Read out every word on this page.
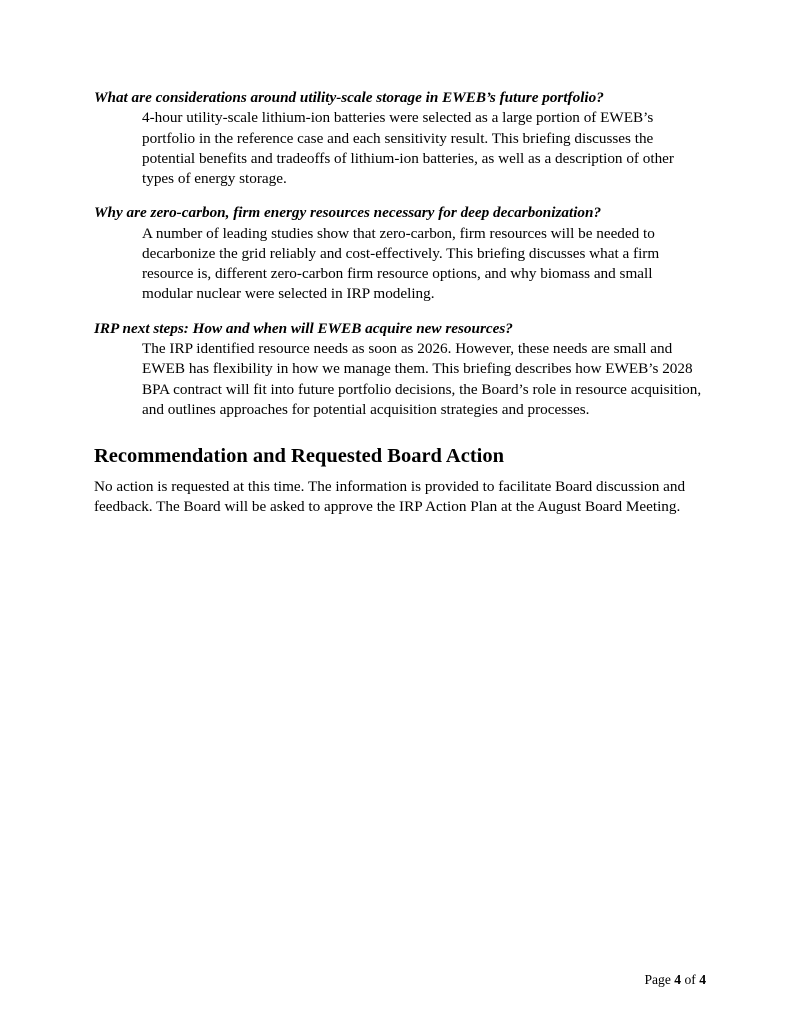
What are considerations around utility-scale storage in EWEB’s future portfolio?

4-hour utility-scale lithium-ion batteries were selected as a large portion of EWEB’s portfolio in the reference case and each sensitivity result. This briefing discusses the potential benefits and tradeoffs of lithium-ion batteries, as well as a description of other types of energy storage.

Why are zero-carbon, firm energy resources necessary for deep decarbonization?

A number of leading studies show that zero-carbon, firm resources will be needed to decarbonize the grid reliably and cost-effectively. This briefing discusses what a firm resource is, different zero-carbon firm resource options, and why biomass and small modular nuclear were selected in IRP modeling.

IRP next steps: How and when will EWEB acquire new resources?

The IRP identified resource needs as soon as 2026. However, these needs are small and EWEB has flexibility in how we manage them. This briefing describes how EWEB’s 2028 BPA contract will fit into future portfolio decisions, the Board’s role in resource acquisition, and outlines approaches for potential acquisition strategies and processes.

Recommendation and Requested Board Action

No action is requested at this time. The information is provided to facilitate Board discussion and feedback. The Board will be asked to approve the IRP Action Plan at the August Board Meeting.

Page 4 of 4
